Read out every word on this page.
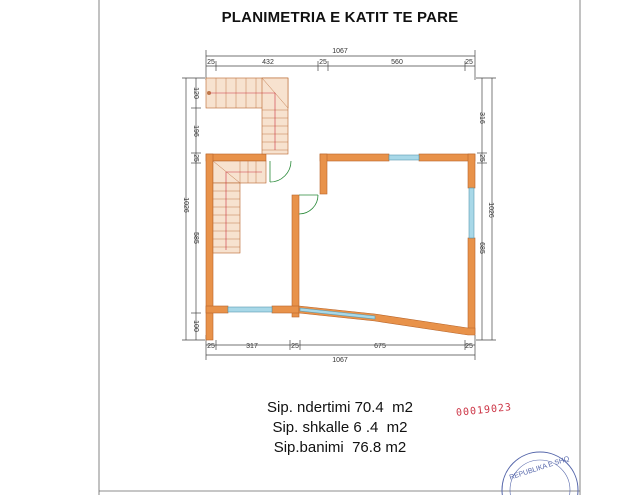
PLANIMETRIA E KATIT TE PARE
1067
25	432	25	560	25
25	317	25	675	25
1067
120
196
25
585
100
1026
316
25
685
1026
REPUBLIKA E SHQ
Sip. ndertimi 70.4  m2
Sip. shkalle 6 .4  m2
Sip.banimi  76.8 m2
00019023
